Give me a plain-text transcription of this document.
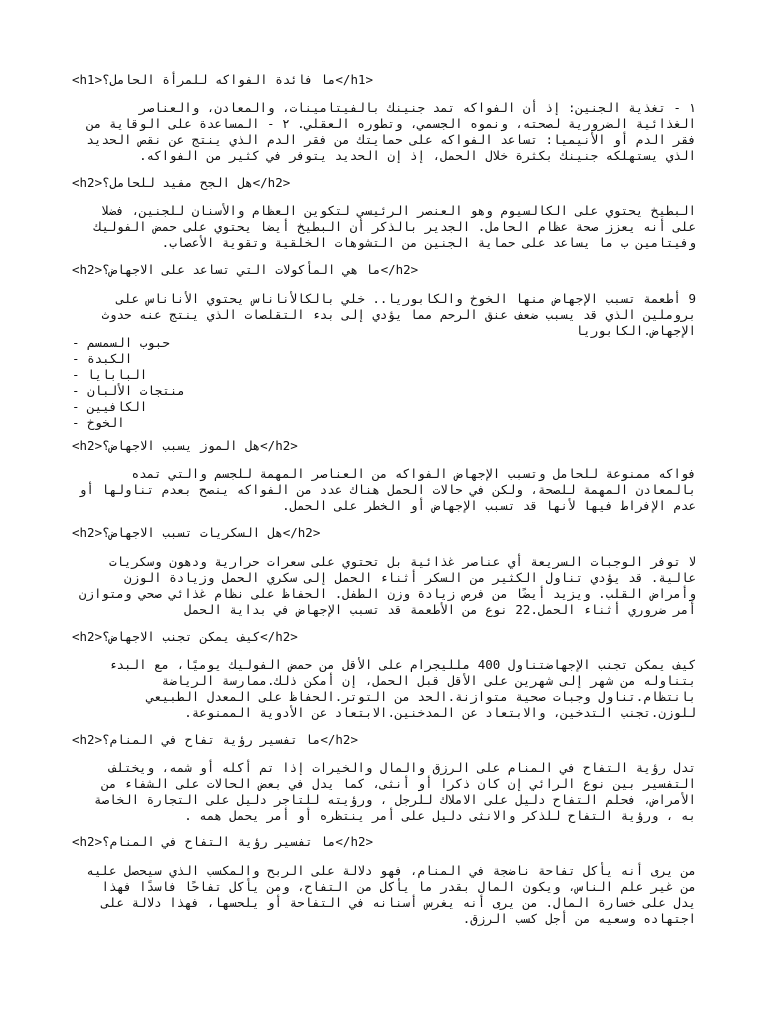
<h1>ما فائدة الفواكه للمرأة الحامل؟</h1>
١ - تغذية الجنين: إذ أن الفواكه تمد جنينك بالفيتامينات، والمعادن، والعناصر
الغذائية الضرورية لصحته، ونموه الجسمي، وتطوره العقلي. ٢ - المساعدة على الوقاية من
فقر الدم أو الأنيميا: تساعد الفواكه على حمايتك من فقر الدم الذي ينتج عن نقص الحديد
الذي يستهلكه جنينك بكثرة خلال الحمل، إذ إن الحديد يتوفر في كثير من الفواكه.
<h2>هل الجح مفيد للحامل؟</h2>
البطيخ يحتوي على الكالسيوم وهو العنصر الرئيسي لتكوين العظام والأسنان للجنين، فضلا
على أنه يعزز صحة عظام الحامل. الجدير بالذكر أن البطيخ أيضا يحتوي على حمض الفوليك
وفيتامين ب ما يساعد على حماية الجنين من التشوهات الخلقية وتقوية الأعصاب.
<h2>ما هي المأكولات التي تساعد على الاجهاض؟</h2>
9 أطعمة تسبب الإجهاض منها الخوخ والكابوريا.. خلي بالكالأناناس يحتوي الأناناس على
بروملين الذي قد يسبب ضعف عنق الرحم مما يؤدي إلى بدء التقلصات الذي ينتج عنه حدوث
الإجهاض.الكابوريا
- حبوب السمسم
- الكبدة
- البابايا
- منتجات الألبان
- الكافيين
- الخوخ
<h2>هل الموز يسبب الاجهاض؟</h2>
فواكه ممنوعة للحامل وتسبب الإجهاض الفواكه من العناصر المهمة للجسم والتي تمده
بالمعادن المهمة للصحة، ولكن في حالات الحمل هناك عدد من الفواكه ينصح بعدم تناولها أو
عدم الإفراط فيها لأنها قد تسبب الإجهاض أو الخطر على الحمل.
<h2>هل السكريات تسبب الاجهاض؟</h2>
لا توفر الوجبات السريعة أي عناصر غذائية بل تحتوي على سعرات حرارية ودهون وسكريات
عالية. قد يؤدي تناول الكثير من السكر أثناء الحمل إلى سكري الحمل وزيادة الوزن
وأمراض القلب. ويزيد أيضًا من فرص زيادة وزن الطفل. الحفاظ على نظام غذائي صحي ومتوازن
أمر ضروري أثناء الحمل.22 نوع من الأطعمة قد تسبب الإجهاض في بداية الحمل
<h2>كيف يمكن تجنب الاجهاض؟</h2>
كيف يمكن تجنب الإجهاضتناول 400 ملليجرام على الأقل من حمض الفوليك يوميًا، مع البدء
بتناوله من شهر إلى شهرين على الأقل قبل الحمل، إن أمكن ذلك.ممارسة الرياضة
بانتظام.تناول وجبات صحية متوازنة.الحد من التوتر.الحفاظ على المعدل الطبيعي
للوزن.تجنب التدخين، والابتعاد عن المدخنين.الابتعاد عن الأدوية الممنوعة.
<h2>ما تفسير رؤية تفاح في المنام؟</h2>
تدل رؤية التفاح في المنام على الرزق والمال والخيرات إذا تم أكله أو شمه، ويختلف
التفسير بين نوع الرائي إن كان ذكرا أو أنثى، كما يدل في بعض الحالات على الشفاء من
الأمراض، فحلم التفاح دليل على الاملاك للرجل ، ورؤيته للتاجر دليل على التجارة الخاصة
به ، ورؤية التفاح للذكر والانثى دليل على أمر ينتظره أو أمر يحمل همه .
<h2>ما تفسير رؤية التفاح في المنام؟</h2>
من يرى أنه يأكل تفاحة ناضجة في المنام، فهو دلالة على الربح والمكسب الذي سيحصل عليه
من غير علم الناس، ويكون المال بقدر ما يأكل من التفاح، ومن يأكل تفاحًا فاسدًا فهذا
يدل على خسارة المال. من يرى أنه يغرس أسنانه في التفاحة أو يلحسها، فهذا دلالة على
اجتهاده وسعيه من أجل كسب الرزق.
